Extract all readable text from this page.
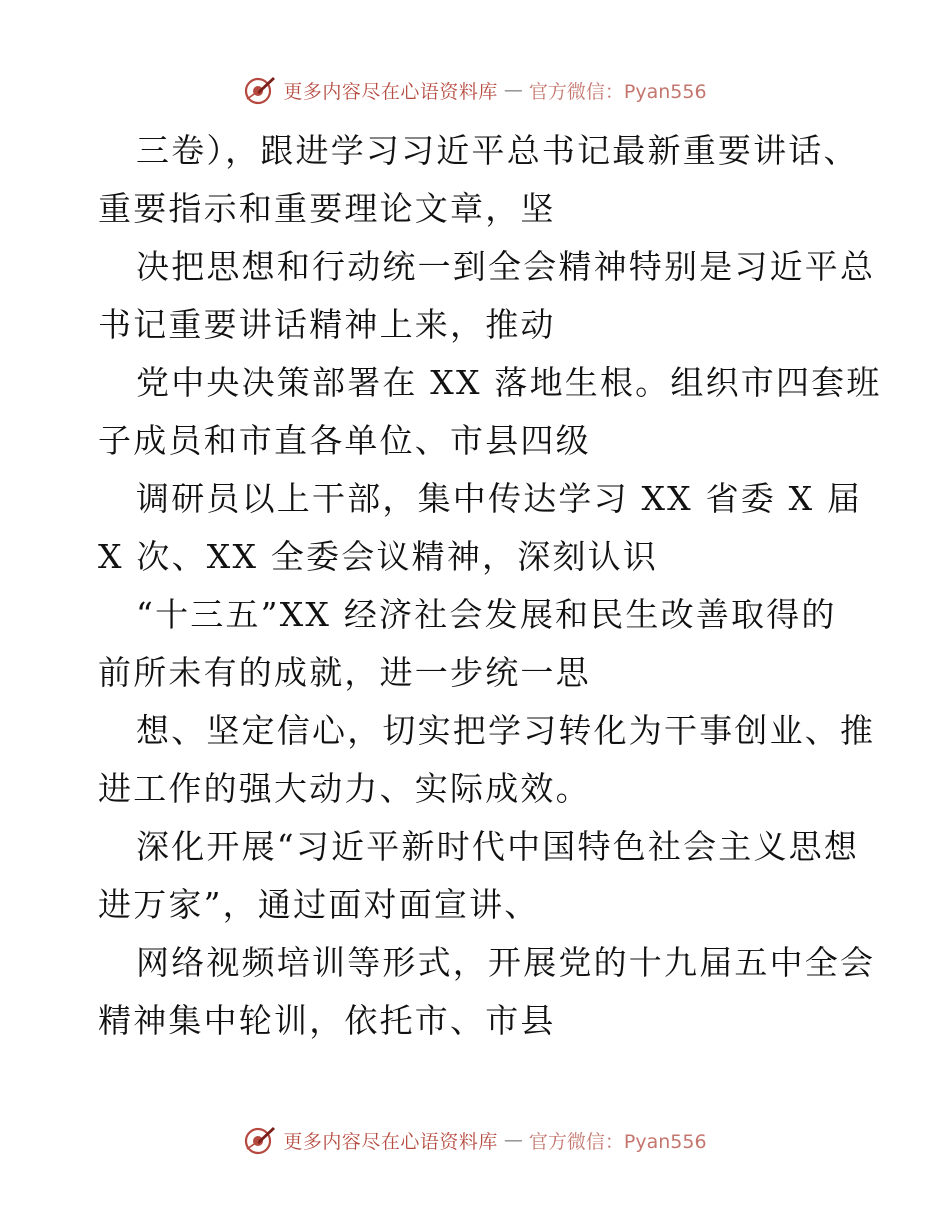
更多内容尽在心语资料库 — 官方微信：Pyan556
三卷），跟进学习习近平总书记最新重要讲话、
重要指示和重要理论文章，坚
决把思想和行动统一到全会精神特别是习近平总
书记重要讲话精神上来，推动
党中央决策部署在 XX 落地生根。组织市四套班
子成员和市直各单位、市县四级
调研员以上干部，集中传达学习 XX 省委 X 届
X 次、XX 全委会议精神，深刻认识
“十三五”XX 经济社会发展和民生改善取得的
前所未有的成就，进一步统一思
想、坚定信心，切实把学习转化为干事创业、推
进工作的强大动力、实际成效。
深化开展“习近平新时代中国特色社会主义思想
进万家”，通过面对面宣讲、
网络视频培训等形式，开展党的十九届五中全会
精神集中轮训，依托市、市县
更多内容尽在心语资料库 — 官方微信：Pyan556
